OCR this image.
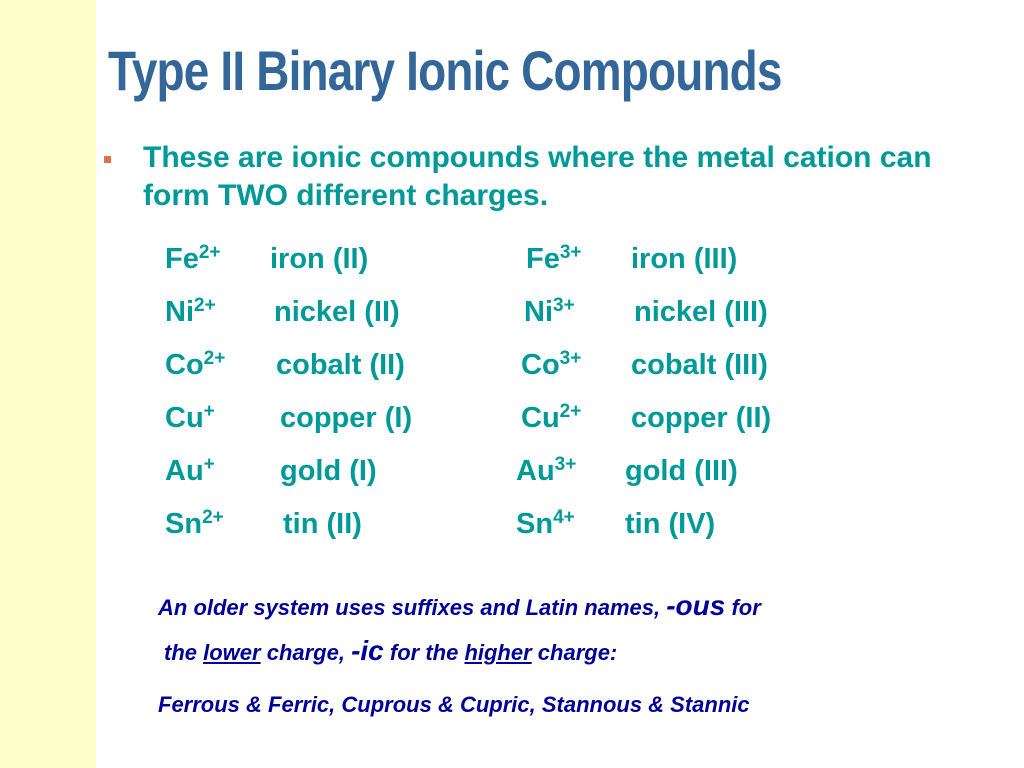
Type II Binary Ionic Compounds
These are ionic compounds where the metal cation can form TWO different charges.
$Fe^{2+}$ iron (II)	$Fe^{3+}$ iron (III)
$Ni^{2+}$ nickel (II)	$Ni^{3+}$ nickel (III)
$Co^{2+}$ cobalt (II)	$Co^{3+}$ cobalt (III)
Cu+ copper (I)	$Cu^{2+}$ copper (II)
Au+ gold (I)	$Au^{3+}$ gold (III)
$Sn^{2+}$ tin (II)	$Sn^{4+}$ tin (IV)
An older system uses suffixes and Latin names, -ous for
the lower charge, -ic for the higher charge:
Ferrous & Ferric, Cuprous & Cupric, Stannous & Stannic
